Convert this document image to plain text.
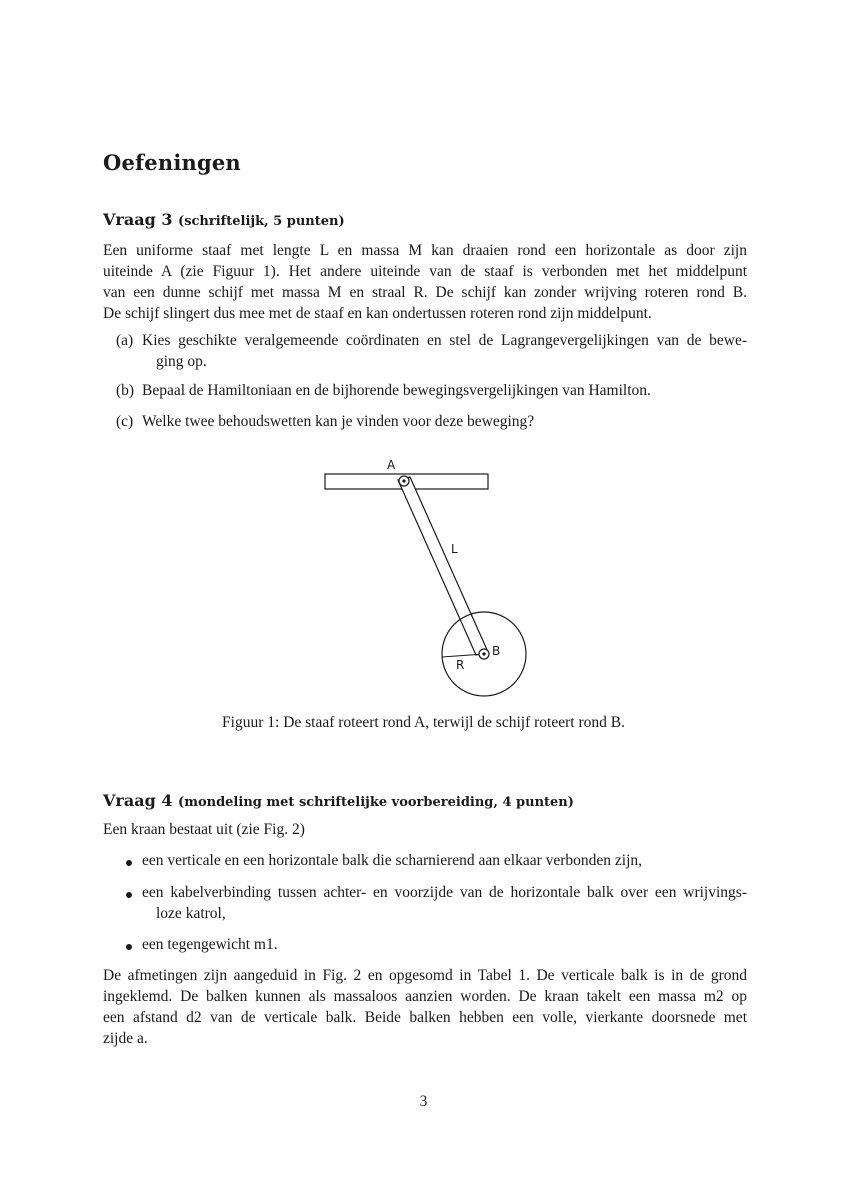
Oefeningen
Vraag 3 (schriftelijk, 5 punten)
Een uniforme staaf met lengte L en massa M kan draaien rond een horizontale as door zijn
uiteinde A (zie Figuur 1). Het andere uiteinde van de staaf is verbonden met het middelpunt
van een dunne schijf met massa M en straal R. De schijf kan zonder wrijving roteren rond B.
De schijf slingert dus mee met de staaf en kan ondertussen roteren rond zijn middelpunt.
(a) Kies geschikte veralgemeende coördinaten en stel de Lagrangevergelijkingen van de bewe-
ging op.
(b) Bepaal de Hamiltoniaan en de bijhorende bewegingsvergelijkingen van Hamilton.
(c) Welke twee behoudswetten kan je vinden voor deze beweging?
A
L
B
R
Figuur 1: De staaf roteert rond A, terwijl de schijf roteert rond B.
Vraag 4 (mondeling met schriftelijke voorbereiding, 4 punten)
Een kraan bestaat uit (zie Fig. 2)
een verticale en een horizontale balk die scharnierend aan elkaar verbonden zijn,
een kabelverbinding tussen achter- en voorzijde van de horizontale balk over een wrijvings-
loze katrol,
een tegengewicht m1.
De afmetingen zijn aangeduid in Fig. 2 en opgesomd in Tabel 1. De verticale balk is in de grond
ingeklemd. De balken kunnen als massaloos aanzien worden. De kraan takelt een massa m2 op
een afstand d2 van de verticale balk. Beide balken hebben een volle, vierkante doorsnede met
zijde a.
3
